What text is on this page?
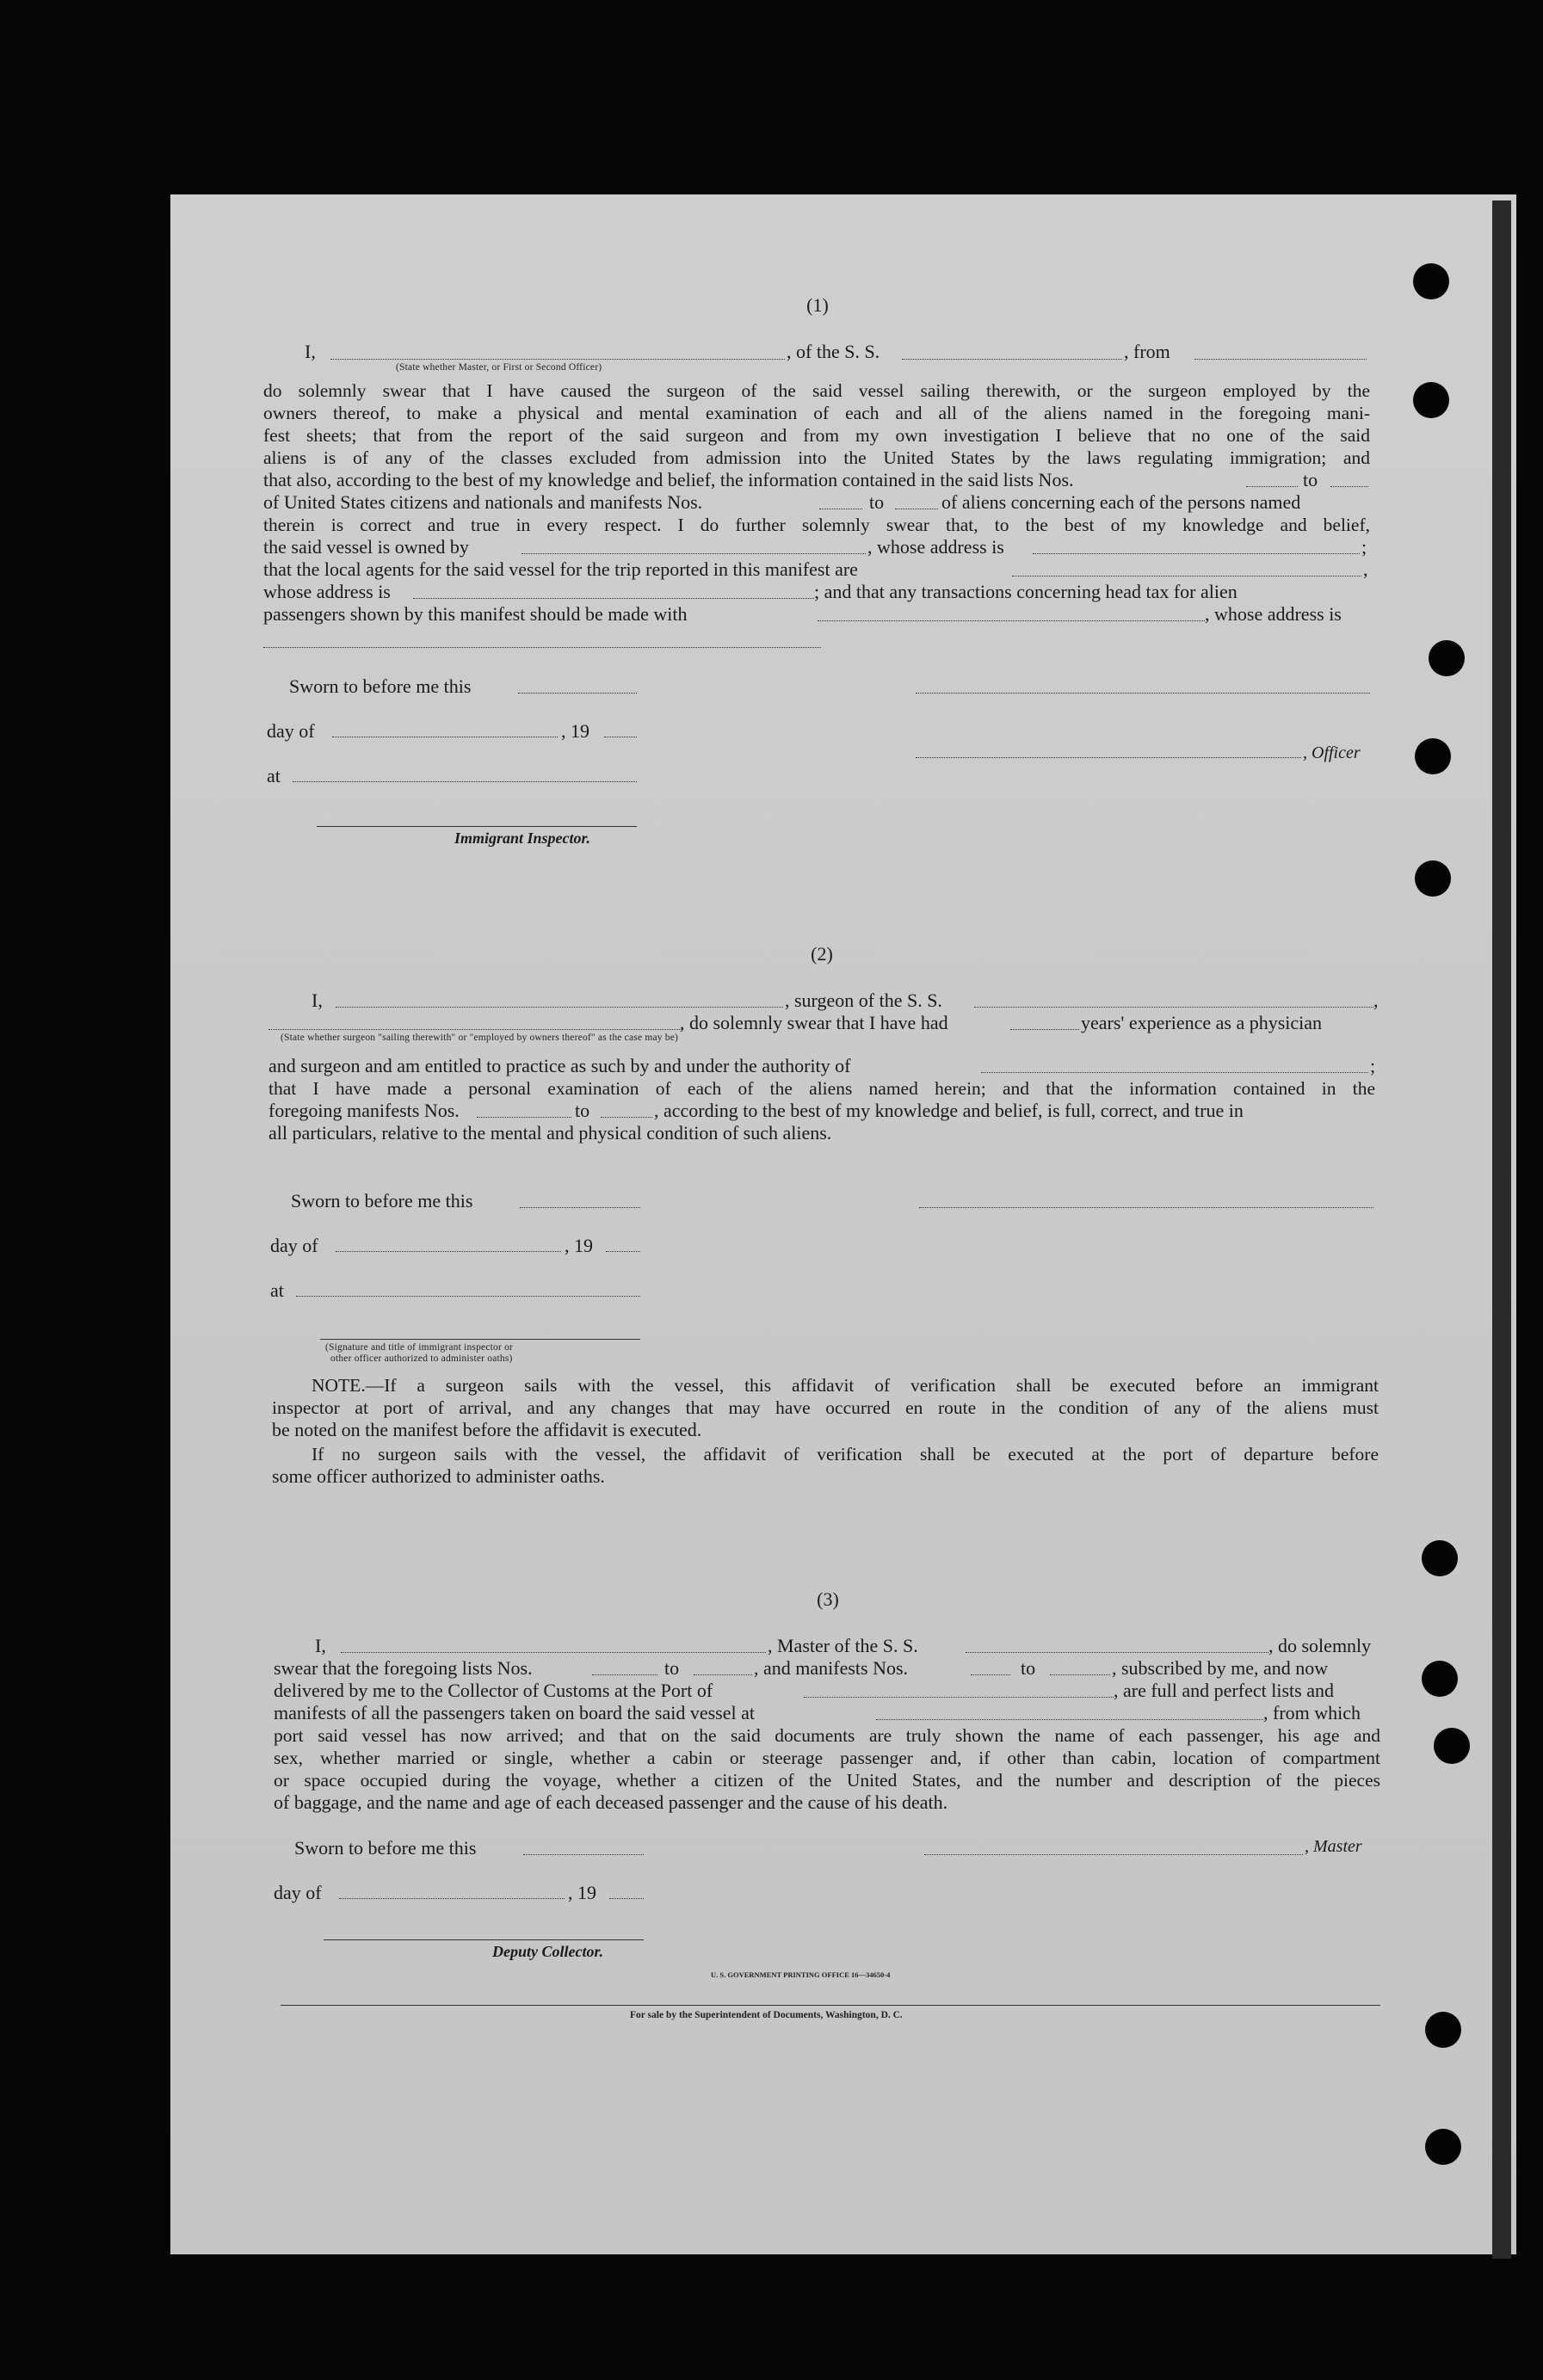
(1)
I,	, of the S. S.	, from
(State whether Master, or First or Second Officer)

do solemnly swear that I have caused the surgeon of the said vessel sailing therewith, or the surgeon employed by the

owners thereof, to make a physical and mental examination of each and all of the aliens named in the foregoing mani-

fest sheets; that from the report of the said surgeon and from my own investigation I believe that no one of the said

aliens is of any of the classes excluded from admission into the United States by the laws regulating immigration; and

that also, according to the best of my knowledge and belief, the information contained in the said lists Nos.	to
of United States citizens and nationals and manifests Nos.	to	of aliens concerning each of the persons named

therein is correct and true in every respect. I do further solemnly swear that, to the best of my knowledge and belief,

the said vessel is owned by	, whose address is	;
that the local agents for the said vessel for the trip reported in this manifest are	,
whose address is	; and that any transactions concerning head tax for alien
passengers shown by this manifest should be made with	, whose address is
Sworn to before me this
day of	, 19
, Officer
at
Immigrant Inspector.
(2)
I,	, surgeon of the S. S.	,
, do solemnly swear that I have had	years' experience as a physician
(State whether surgeon "sailing therewith" or "employed by owners thereof" as the case may be)
and surgeon and am entitled to practice as such by and under the authority of	;

that I have made a personal examination of each of the aliens named herein; and that the information contained in the

foregoing manifests Nos.	to	, according to the best of my knowledge and belief, is full, correct, and true in
all particulars, relative to the mental and physical condition of such aliens.
Sworn to before me this
day of	, 19
at
(Signature and title of immigrant inspector or
other officer authorized to administer oaths)

NOTE.—If a surgeon sails with the vessel, this affidavit of verification shall be executed before an immigrant

inspector at port of arrival, and any changes that may have occurred en route in the condition of any of the aliens must

be noted on the manifest before the affidavit is executed.

If no surgeon sails with the vessel, the affidavit of verification shall be executed at the port of departure before

some officer authorized to administer oaths.
(3)
I,	, Master of the S. S.	, do solemnly
swear that the foregoing lists Nos.	to	, and manifests Nos.	to	, subscribed by me, and now
delivered by me to the Collector of Customs at the Port of	, are full and perfect lists and
manifests of all the passengers taken on board the said vessel at	, from which

port said vessel has now arrived; and that on the said documents are truly shown the name of each passenger, his age and

sex, whether married or single, whether a cabin or steerage passenger and, if other than cabin, location of compartment

or space occupied during the voyage, whether a citizen of the United States, and the number and description of the pieces

of baggage, and the name and age of each deceased passenger and the cause of his death.
Sworn to before me this	, Master
day of	, 19
Deputy Collector.
U. S. GOVERNMENT PRINTING OFFICE 16—34650-4
For sale by the Superintendent of Documents, Washington, D. C.
